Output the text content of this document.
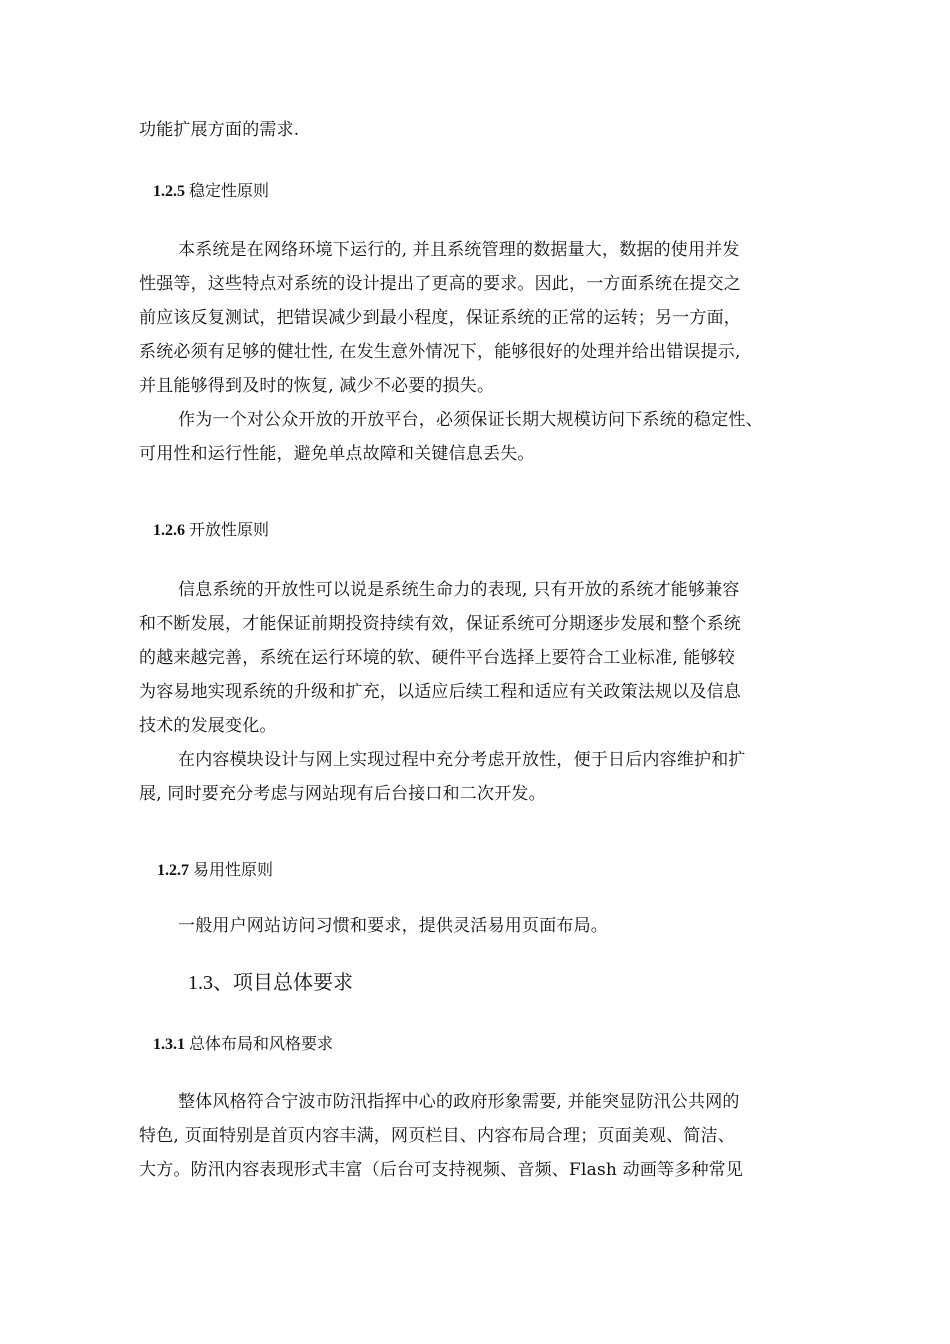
功能扩展方面的需求.
1.2.5 稳定性原则
本系统是在网络环境下运行的, 并且系统管理的数据量大，数据的使用并发
性强等，这些特点对系统的设计提出了更高的要求。因此，一方面系统在提交之
前应该反复测试，把错误减少到最小程度，保证系统的正常的运转；另一方面，
系统必须有足够的健壮性, 在发生意外情况下，能够很好的处理并给出错误提示,
并且能够得到及时的恢复, 减少不必要的损失。
作为一个对公众开放的开放平台，必须保证长期大规模访问下系统的稳定性、
可用性和运行性能，避免单点故障和关键信息丢失。
1.2.6 开放性原则
信息系统的开放性可以说是系统生命力的表现, 只有开放的系统才能够兼容
和不断发展，才能保证前期投资持续有效，保证系统可分期逐步发展和整个系统
的越来越完善，系统在运行环境的软、硬件平台选择上要符合工业标准, 能够较
为容易地实现系统的升级和扩充，以适应后续工程和适应有关政策法规以及信息
技术的发展变化。
在内容模块设计与网上实现过程中充分考虑开放性，便于日后内容维护和扩
展, 同时要充分考虑与网站现有后台接口和二次开发。
1.2.7 易用性原则
一般用户网站访问习惯和要求，提供灵活易用页面布局。
1.3、项目总体要求
1.3.1 总体布局和风格要求
整体风格符合宁波市防汛指挥中心的政府形象需要, 并能突显防汛公共网的
特色, 页面特别是首页内容丰满，网页栏目、内容布局合理；页面美观、简洁、
大方。防汛内容表现形式丰富（后台可支持视频、音频、Flash 动画等多种常见
